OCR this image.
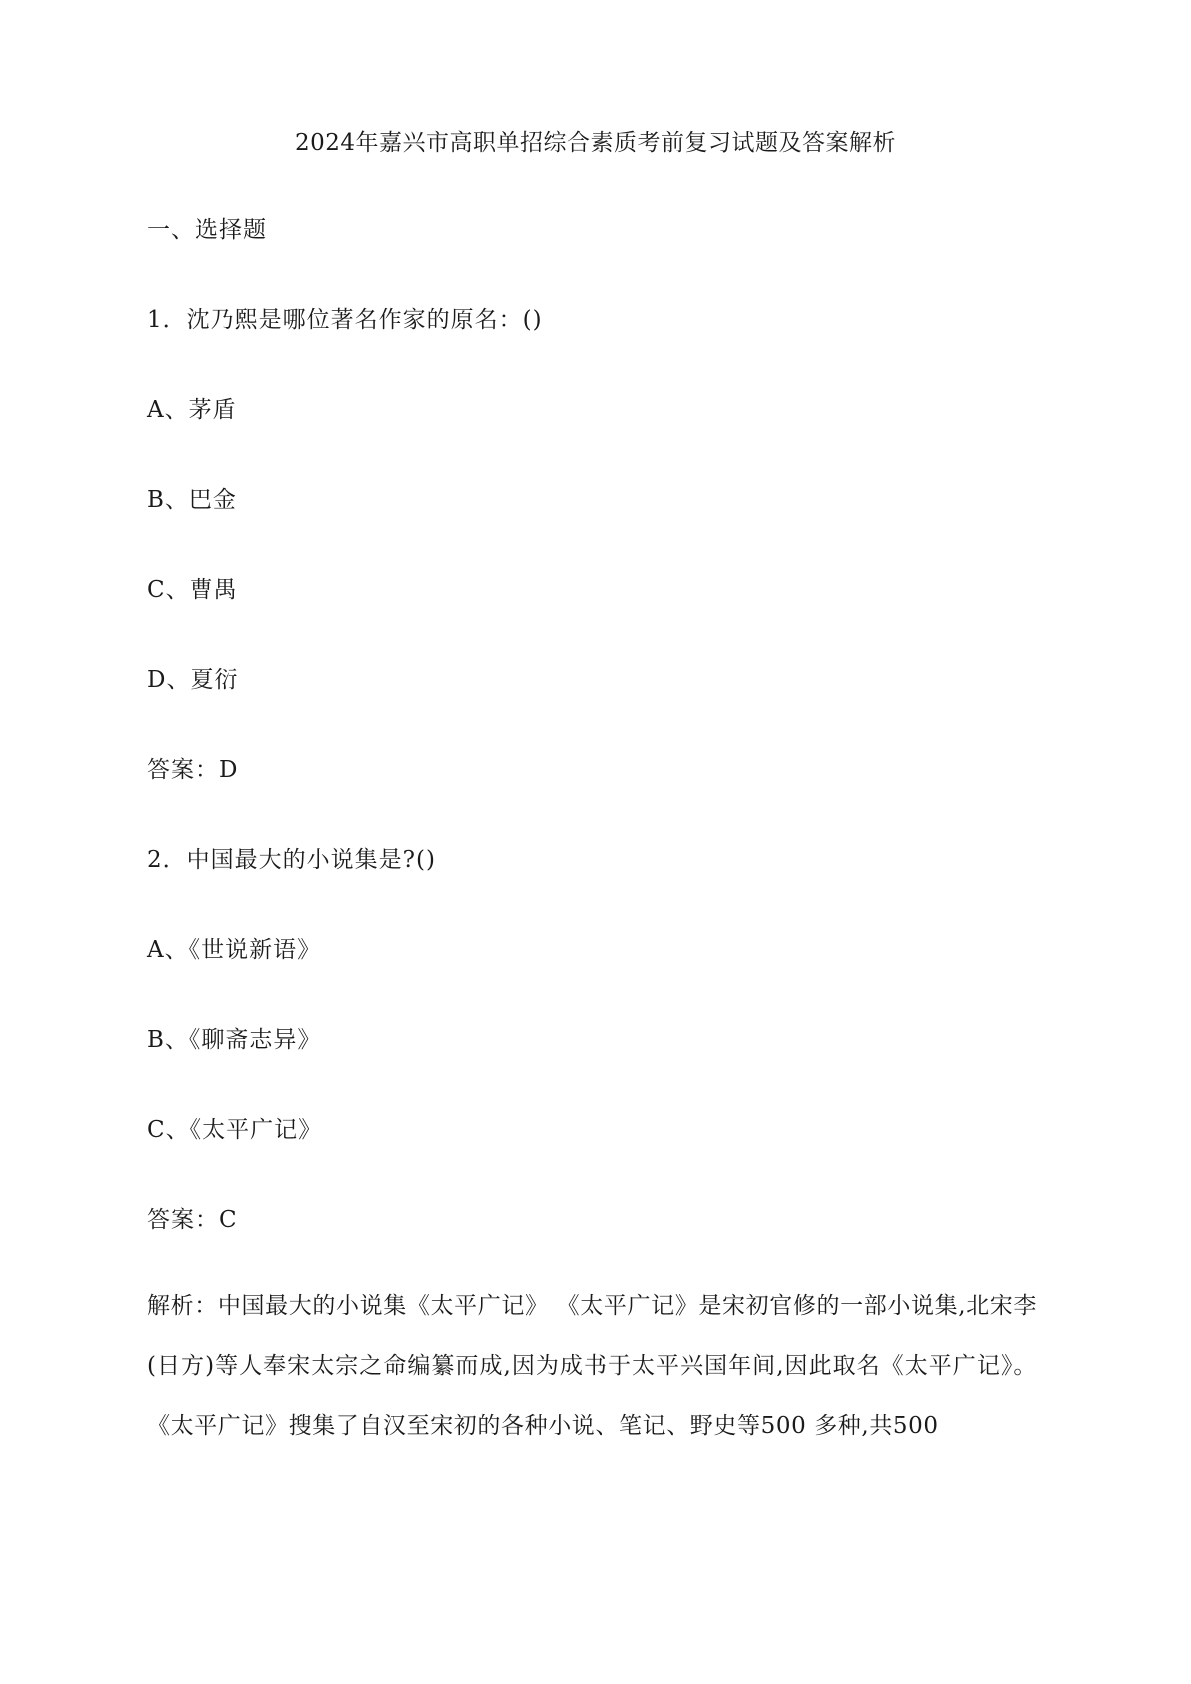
2024年嘉兴市高职单招综合素质考前复习试题及答案解析
一、选择题
1．沈乃熙是哪位著名作家的原名：()
A、茅盾
B、巴金
C、曹禺
D、夏衍
答案：D
2．中国最大的小说集是?()
A、《世说新语》
B、《聊斋志异》
C、《太平广记》
答案：C
解析：中国最大的小说集《太平广记》 《太平广记》是宋初官修的一部小说集,北宋李(日方)等人奉宋太宗之命编纂而成,因为成书于太平兴国年间,因此取名《太平广记》。 《太平广记》搜集了自汉至宋初的各种小说、笔记、野史等500 多种,共500
